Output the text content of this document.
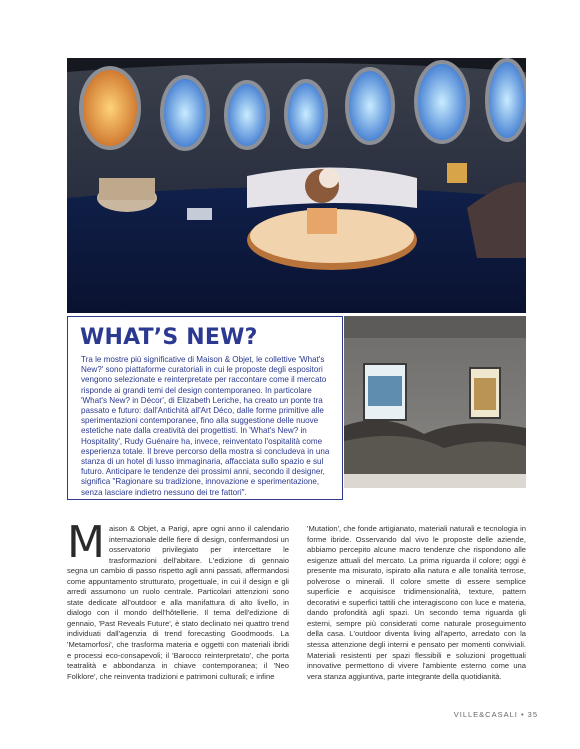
WHAT’S NEW?

Tra le mostre più significative di Maison & Objet, le collettive 'What's New?' sono piattaforme curatoriali in cui le proposte degli espositori vengono selezionate e reinterpretate per raccontare come il mercato risponde ai grandi temi del design contemporaneo. In particolare 'What's New? in Décor', di Elizabeth Leriche, ha creato un ponte tra passato e futuro: dall'Antichità all'Art Déco, dalle forme primitive alle sperimentazioni contemporanee, fino alla suggestione delle nuove estetiche nate dalla creatività dei progettisti. In 'What's New? in Hospitality', Rudy Guénaire ha, invece, reinventato l'ospitalità come esperienza totale. Il breve percorso della mostra si concludeva in una stanza di un hotel di lusso immaginaria, affacciata sullo spazio e sul futuro. Anticipare le tendenze dei prossimi anni, secondo il designer, significa "Ragionare su tradizione, innovazione e sperimentazione, senza lasciare indietro nessuno dei tre fattori".

Maison & Objet, a Parigi, apre ogni anno il calendario internazionale delle fiere di design, confermandosi un osservatorio privilegiato per intercettare le trasformazioni dell'abitare. L'edizione di gennaio segna un cambio di passo rispetto agli anni passati, affermandosi come appuntamento strutturato, progettuale, in cui il design e gli arredi assumono un ruolo centrale. Particolari attenzioni sono state dedicate all'outdoor e alla manifattura di alto livello, in dialogo con il mondo dell'hôtellerie. Il tema dell'edizione di gennaio, 'Past Reveals Future', è stato declinato nei quattro trend individuati dall'agenzia di trend forecasting Goodmoods. La 'Metamorfosi', che trasforma materia e oggetti con materiali ibridi e processi eco-consapevoli; il 'Barocco reinterpretato', che porta teatralità e abbondanza in chiave contemporanea; il 'Neo Folklore', che reinventa tradizioni e patrimoni culturali; e infine

'Mutation', che fonde artigianato, materiali naturali e tecnologia in forme ibride. Osservando dal vivo le proposte delle aziende, abbiamo percepito alcune macro tendenze che rispondono alle esigenze attuali del mercato. La prima riguarda il colore; oggi è presente ma misurato, ispirato alla natura e alle tonalità terrose, polverose o minerali. Il colore smette di essere semplice superficie e acquisisce tridimensionalità, texture, pattern decorativi e superfici tattili che interagiscono con luce e materia, dando profondità agli spazi. Un secondo tema riguarda gli esterni, sempre più considerati come naturale proseguimento della casa. L'outdoor diventa living all'aperto, arredato con la stessa attenzione degli interni e pensato per momenti conviviali. Materiali resistenti per spazi flessibili e soluzioni progettuali innovative permettono di vivere l'ambiente esterno come una vera stanza aggiuntiva, parte integrante della quotidianità.

VILLE&CASALI • 35
